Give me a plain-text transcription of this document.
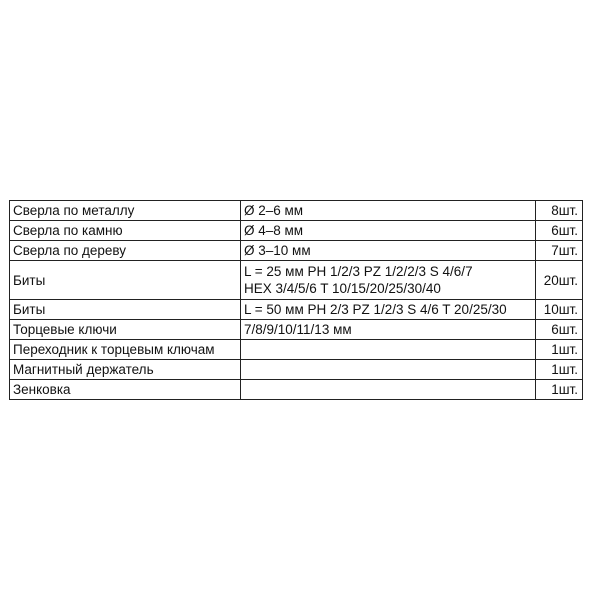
Сверла по металлу	Ø 2–6 мм	8шт.
Сверла по камню	Ø 4–8 мм	6шт.
Сверла по дереву	Ø 3–10 мм	7шт.
Биты	L = 25 мм PH 1/2/3 PZ 1/2/2/3 S 4/6/7
HEX 3/4/5/6 T 10/15/20/25/30/40	20шт.
Биты	L = 50 мм PH 2/3 PZ 1/2/3 S 4/6 T 20/25/30	10шт.
Торцевые ключи	7/8/9/10/11/13 мм	6шт.
Переходник к торцевым ключам		1шт.
Магнитный держатель		1шт.
Зенковка		1шт.
